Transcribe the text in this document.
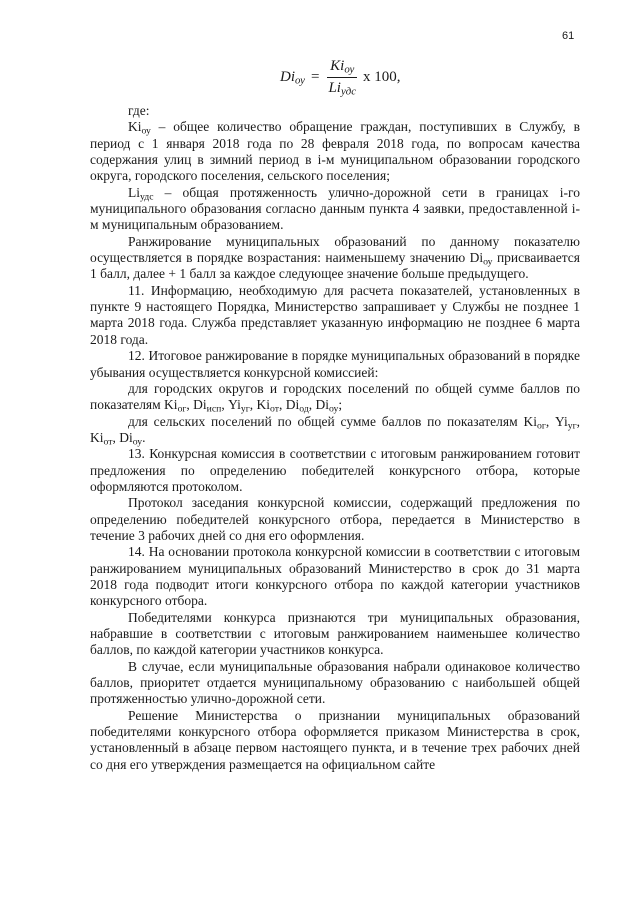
61
$Di_{оу} = \frac{Ki_{оу}}{Li_{удс}}$ x 100,

где:

$Ki_{оу}$ – общее количество обращение граждан, поступивших в Службу, в период с 1 января 2018 года по 28 февраля 2018 года, по вопросам качества содержания улиц в зимний период в i-м муниципальном образовании городского округа, городского поселения, сельского поселения;

$Li_{удс}$ – общая протяженность улично-дорожной сети в границах i-го муниципального образования согласно данным пункта 4 заявки, предоставленной i-м муниципальным образованием.

Ранжирование муниципальных образований по данному показателю осуществляется в порядке возрастания: наименьшему значению $Di_{оу}$ присваивается 1 балл, далее + 1 балл за каждое следующее значение больше предыдущего.

11. Информацию, необходимую для расчета показателей, установленных в пункте 9 настоящего Порядка, Министерство запрашивает у Службы не позднее 1 марта 2018 года. Служба представляет указанную информацию не позднее 6 марта 2018 года.

12. Итоговое ранжирование в порядке муниципальных образований в порядке убывания осуществляется конкурсной комиссией:

для городских округов и городских поселений по общей сумме баллов по показателям $Ki_{ог}$, $Di_{исп}$, $Yi_{уг}$, $Ki_{от}$, $Di_{од}$, $Di_{оу}$;

для сельских поселений по общей сумме баллов по показателям $Ki_{ог}$, $Yi_{уг}$, $Ki_{от}$, $Di_{оу}$.

13. Конкурсная комиссия в соответствии с итоговым ранжированием готовит предложения по определению победителей конкурсного отбора, которые оформляются протоколом.

Протокол заседания конкурсной комиссии, содержащий предложения по определению победителей конкурсного отбора, передается в Министерство в течение 3 рабочих дней со дня его оформления.

14. На основании протокола конкурсной комиссии в соответствии с итоговым ранжированием муниципальных образований Министерство в срок до 31 марта 2018 года подводит итоги конкурсного отбора по каждой категории участников конкурсного отбора.

Победителями конкурса признаются три муниципальных образования, набравшие в соответствии с итоговым ранжированием наименьшее количество баллов, по каждой категории участников конкурса.

В случае, если муниципальные образования набрали одинаковое количество баллов, приоритет отдается муниципальному образованию с наибольшей общей протяженностью улично-дорожной сети.

Решение Министерства о признании муниципальных образований победителями конкурсного отбора оформляется приказом Министерства в срок, установленный в абзаце первом настоящего пункта, и в течение трех рабочих дней со дня его утверждения размещается на официальном сайте
